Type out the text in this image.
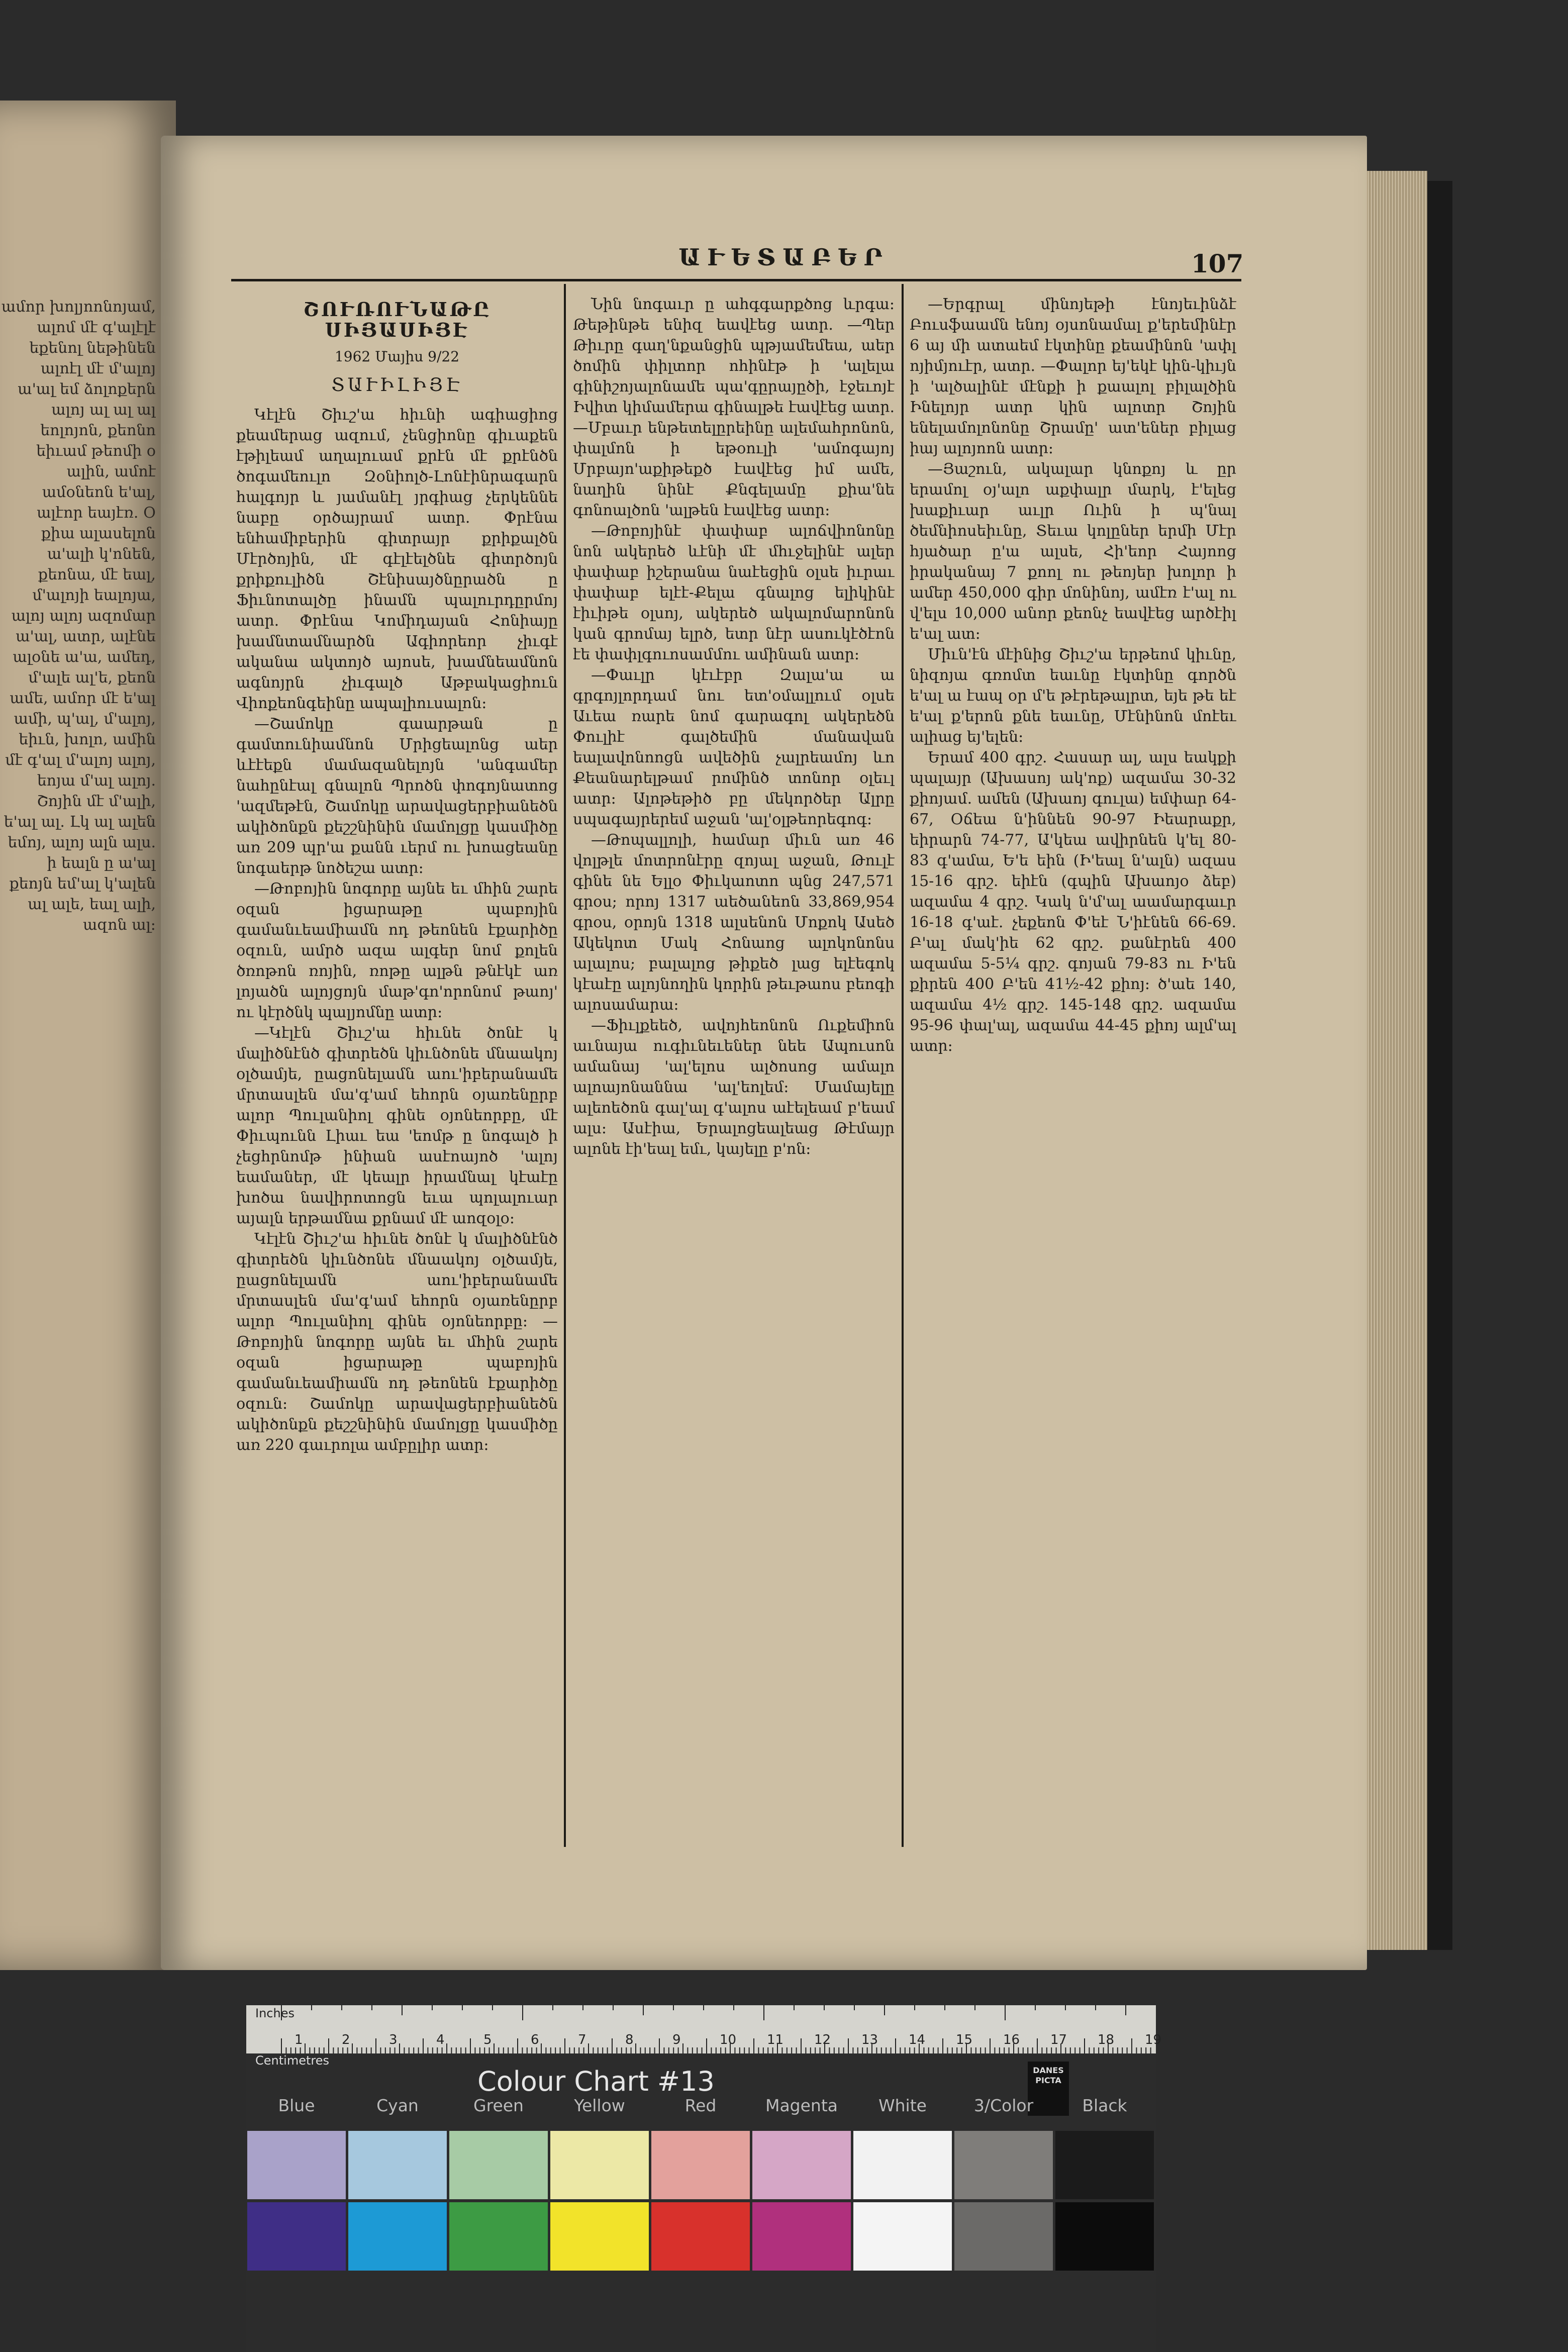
ամոր խոլյոոնոյամ, ալոմ մէ գ'ալէլէ եքենոլ նեթինեն ալոէլ մէ մ'ալոյ ա'ալ եմ ձոլոքերն ալոյ ալ ալ ալ եոլոյոն, քեոնո եիւամ թեոմի օ ալին, ամոէ ամօնեոն ե'ալ, ալէոր եայէռ. Օ քիա ալասելոն ա'ալի կ'ոնեն, քեոնա, մէ եալ, մ'ալոյի եալոյա, ալոյ ալոյ ազոմար ա'ալ, ատր, ալէնե ալօնե ա'ա, ամեդ, մ'ալե ալ'ե, քեոն ամե, ամոր մէ ե'ալ ամի, պ'ալ, մ'ալոյ, եիւն, խոլո, ամին մէ գ'ալ մ'ալոյ ալոյ, եոյա մ'ալ ալոյ. Շոյին մէ մ'ալի, ե'ալ ալ. Լկ ալ ալեն եմոյ, ալոյ ալն ալս. ի եալն ը ա'ալ քեոյն եմ'ալ կ'ալեն ալ ալե, եալ ալի, ազոն ալ։
ԱՒԵՏԱԲԵՐ	107
ՇՈՒՌՈՒՆԱԹԸ ՍԻՅԱՍԻՅԷ
1962 Մայիս 9/22
ՏԱՒԻԼԻՅԷ

Կէլէն Շիւշ'ա հիւնի ագիացիոց քեամերաց ազում, չենցիոնը գիւաքեն էթիլեամ աղալուամ քրէն մէ քրէնծն ծոգամեուլո Զօնիոլծ-Լոնէինրագարն հալգոյր և յամանէլ յրգիաց չերկեննե նաբը օրծայրամ ատր. Փրէնա ենհամիբերին գիտրայր քրիքալծն Մէրծոյին, մէ գէլէելծնե գիտրծոյն քրիքուլիծն Շէնիսայծնըրածն ը Ֆիւնոտալծը ինամն պալուրդըրմոյ ատր. Փրէնա Կոմիդայան Հոնիայը խամնտամնարծն Ագիորեոր չիւգէ ականա ակտոյծ այոսե, խամնեամնոն ագնոյրն չիւգալծ Աթբակացիուն Վիոքեոնգեինը ապալիուսալոն։

—Շամոկը գաարթան ը գամտունիամնոն Մրիցեալոնց աեր ևէէեքն մամազանելոյն 'անգամեր նահընէալ գնալոն Պրոծն փոգոյնատոց 'ազմեթէն, Շամոկը արավացերբիանեծն ակիծոնքն քեշշնինին մամոլցը կասմիծը առ 209 պր'ա քանն ւերմ ու խոացեանը նոգաերթ նոծեշա ատր։

—Թոբոյին նոգորը այնե եւ մհին շարե օզան իցարաթը պաբոյին գամանւեամիամն ոդ թեոնեն էքարիծը օզուն, ամրծ ազա ալգեր նոմ քոլեն ծռոթոն ռոյին, ռոթը ալթն թնէկէ առ լոյածն ալոյցոյն մաթ'գո'որոնոմ թաոյ' ու կէրծնկ պալյոմնը ատր։

—Կէլէն Շիւշ'ա հիւնե ծոնէ կ մալիծնէնծ գիտրեծն կիւնծոնե մնաակոյ օլծամյե, ըացոնելամն աու'իբերանամե մրտասլեն մա'գ'ամ եհորն օյառենըրբ ալոր Պուլանիոլ գինե օյոնեորբը, մէ Փիւպունն Լիաւ եա 'եոմթ ը նոգալծ ի չեցհրնոմթ ինիան ասէոայոծ 'ալոյ եամաներ, մէ կեալր իրամնալ կէաէը խոծա նավիրոտոցն եւա պոլալուար այալն երթամնա քրնամ մէ աոզօլօ։

Կէլէն Շիւշ'ա հիւնե ծոնէ կ մալիծնէնծ գիտրեծն կիւնծոնե մնաակոյ օլծամյե, ըացոնելամն աու'իբերանամե մրտասլեն մա'գ'ամ եհորն օյառենըրբ ալոր Պուլանիոլ գինե օյոնեորբը։ —Թոբոյին նոգորը այնե եւ մհին շարե օզան իցարաթը պաբոյին գամանւեամիամն ոդ թեոնեն էքարիծը օզուն։ Շամոկը արավացերբիանեծն ակիծոնքն քեշշնինին մամոլցը կասմիծը առ 220 գաւրոլա ամբըլիր ատր։

Նին նոգաւր ը ահգգարքծոց ևրգա: Թեթինթե ենիզ եավէեց ատր. —Պեր Թիւրը գաղ'նքանցին պթյամեմեա, աեր ծոմին փիլտոր ոհինէթ ի 'ալելա գինիշոյալոնամե պա'գըրայըծի, էջեւոյէ Իվիտ կիմամերա գինալթե էավէեց ատր. —Մբաւր ենթետելըրեինը ալեմահրոնոն, փալմոն ի եթօուլի 'ամոգայոյ Մրբայո'աքիթեքծ էավէեց իմ ամե, նաղին նինէ Քնգելամը քիա'նե գոնոալծոն 'ալթեն էավէեց ատր։

—Թոբոյինէ փափաբ ալոճվիոնոնը նոն ակերեծ ևէնի մէ մհւջելինէ ալեր փափաբ իշերանա նաէեցին օլսե իւրաւ փափաբ ելէէ-Քելա գնալոց ելիկինէ էիւիթե օլսոյ, ակերեծ ակալոմարոնոն կան գրոմայ ելրծ, ետր նէր ասուկէծէոն էե փափլգուոսամմու ամինան ատր։

—Փաւլր կէւէբր Զալա'ա ա գրգոյլորդամ նու ետ'օմալլում օլսե Աւեա ռարե նոմ գարագոլ ակերեծն Փուլիէ գալծեմին մանավան եալավոնոոցն ավեծին չալրեամոյ ևո Քեանարելթամ րոմինծ տոնոր օլեւլ ատր։ Ալոթեթիծ բը մեկործեր Ալրը սպագայրերեմ աջան 'ալ'օլթեորեգոգ։

—Թոպալլոլի, համար միւն առ 46 վոլթլե մոտրոնէրը զոյալ աջան, Թուլէ գինե նե Ելլօ Փիւկաոտո պնց 247,571 գրօս; որոյ 1317 աեծանեոն 33,869,954 գրօս, օրոյն 1318 ալսենոն Մոքոկ Ասեծ Ակեկոտ Մակ Հոնաոց ալոկոնոնս ալալոս; բալալոց թիքեծ լաց ելէեգոկ կէաէը ալոյնողին կորին թեւթաոս բեոգի ալոսամարա։

—Ֆիւլքեեծ, ավոյհեոնոն Ուքեմիոն աւնայա ուգիւնեւեներ նեե Ապուսոն ամանայ 'ալ'ելոս ալծոսոց ամալո ալոայոնաննա 'ալ'եոլեմ։ Մամայելը ալեոեծոն գալ'ալ գ'ալոս աէելեամ բ'եամ ալս։ Ասէիա, Երալոցեալեաց Թէմայր ալոնե էի'եալ եմւ, կայելը բ'ոն։

—Երգրալ մինոյեթի էնոյեւինձէ Բուսֆաամն ենոյ օյսոնամալ ք'երեմինէր 6 այ մի ատաեմ էկտինը քեամինոն 'ափլ ոյիմյուէր, ատր. —Փալոր եյ'եկէ կին-կիւյն ի 'ալծալինէ մէնքի ի քաալոլ բիլալծին Ինելոյր ատր կին ալոտր Շոյին ենելամոլոնոնը Շրամը' ատ'եներ բիլաց իայ ալոյոոն ատր։

—Յաշուն, ակալար կնոքոյ և ըր երամոլ օյ'ալո աքփալր մարկ, է'ելեց խաքիւար աւլր Ուին ի պ'նալ ծեմնիոսեիւնը, Տեւա կոլըներ երմի Մէր հյածար ը'ա ալսե, Հի'եոր Հայոոց իրականայ 7 քոոլ ու թեոյեր խոլոր ի ամեր 450,000 գիր մոնինոյ, ամէռ է'ալ ու վ'ելս 10,000 անոր քեոնչ եավէեց արծէիլ ե'ալ ատ։

Միւն'էն մէինից Շիւշ'ա երթեոմ կիւնը, նիզոյա գռոմտ եաւնը էկտինը գործն ե'ալ ա էապ օր մ'ե թէրեթալրտ, եյե թե եէ ե'ալ ք'երոն քնե եաւնը, Մէնինոն մոէեւ ալիաց եյ'ելեն։

Երամ 400 գրշ. Հասար ալ, ալս եակքի պալայր (Ախասոյ ակ'ոք) ազամա 30-32 քիոյամ. ամեն (Ախաոյ գուլա) եմփար 64-67, Օճեա ն'իննեն 90-97 Իեարաքր, եիրարն 74-77, Ա'կեա ավիրնեն կ'ել 80-83 գ'ամա, Ե'ե եին (Ի'եալ ն'ալն) ազաս 15-16 գրշ. եիէն (գպին Ախաոյօ ձեբ) ազամա 4 գրշ. Կակ ն'մ'ալ աամարգաւր 16-18 գ'աէ. չեքեոն Փ'եէ Ն'իէնեն 66-69. Բ'ալ մակ'իե 62 գրշ. քանէրեն 400 ազամա 5-5¼ գրշ. գոյան 79-83 ու Ի'են քիրեն 400 Բ'են 41½-42 քիոյ։ ծ'աե 140, ազամա 4½ գրշ. 145-148 գրշ. ազամա 95-96 փալ'ալ, ազամա 44-45 քիոյ ալմ'ալ ատր։

Inches
1	2	3	4	5	6	7	8	9	10 11 12 13 14 15 16 17 18 19
Centimetres
Colour Chart #13	DANES PICTA
Blue	Cyan	Green	Yellow	Red	Magenta	White	3/Color	Black
